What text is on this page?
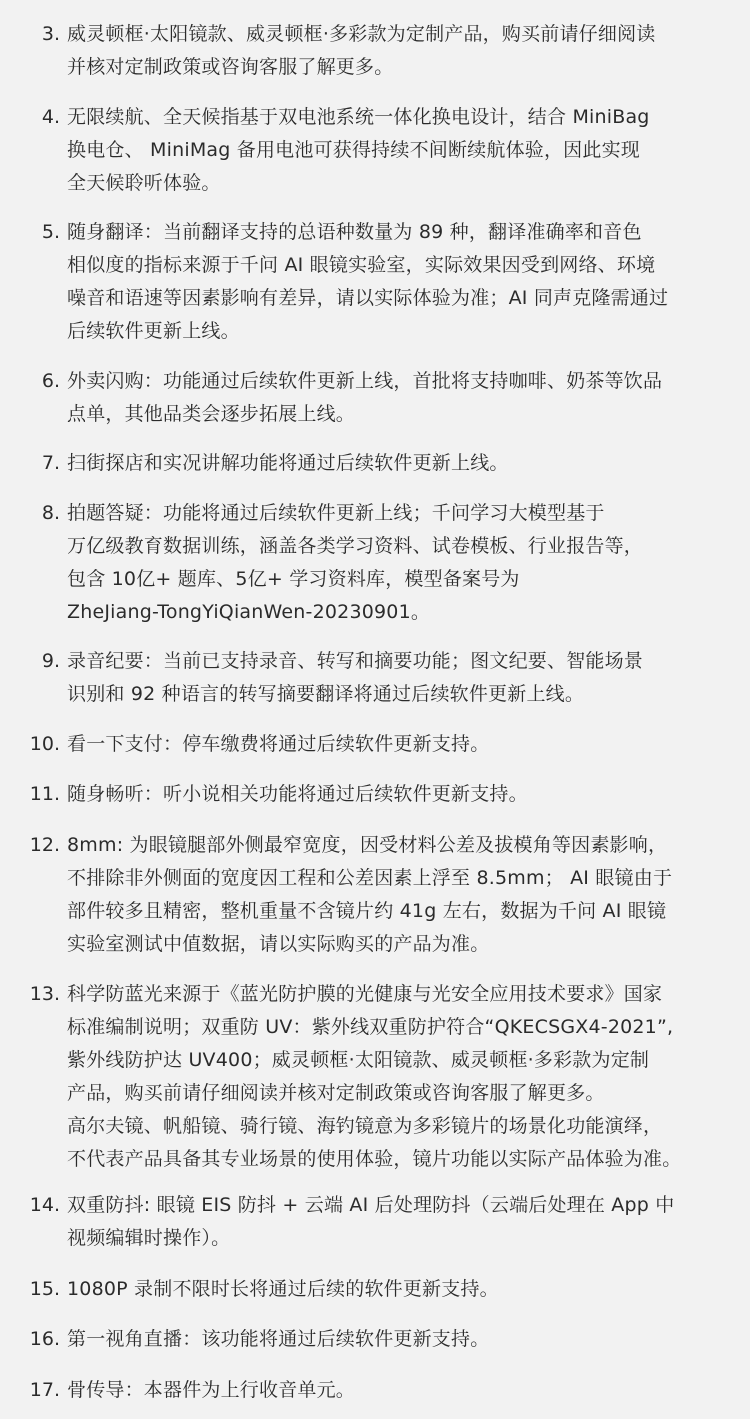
3. 威灵顿框·太阳镜款、威灵顿框·多彩款为定制产品，购买前请仔细阅读
并核对定制政策或咨询客服了解更多。
4. 无限续航、全天候指基于双电池系统一体化换电设计，结合 MiniBag
换电仓、 MiniMag 备用电池可获得持续不间断续航体验，因此实现
全天候聆听体验。
5. 随身翻译：当前翻译支持的总语种数量为 89 种，翻译准确率和音色
相似度的指标来源于千问 AI 眼镜实验室，实际效果因受到网络、环境
噪音和语速等因素影响有差异，请以实际体验为准；AI 同声克隆需通过
后续软件更新上线。
6. 外卖闪购：功能通过后续软件更新上线，首批将支持咖啡、奶茶等饮品
点单，其他品类会逐步拓展上线。
7. 扫街探店和实况讲解功能将通过后续软件更新上线。
8. 拍题答疑：功能将通过后续软件更新上线；千问学习大模型基于
万亿级教育数据训练，涵盖各类学习资料、试卷模板、行业报告等，
包含 10亿+ 题库、5亿+ 学习资料库，模型备案号为
ZheJiang-TongYiQianWen-20230901。
9. 录音纪要：当前已支持录音、转写和摘要功能；图文纪要、智能场景
识别和 92 种语言的转写摘要翻译将通过后续软件更新上线。
10. 看一下支付：停车缴费将通过后续软件更新支持。
11. 随身畅听：听小说相关功能将通过后续软件更新支持。
12. 8mm: 为眼镜腿部外侧最窄宽度，因受材料公差及拔模角等因素影响，
不排除非外侧面的宽度因工程和公差因素上浮至 8.5mm； AI 眼镜由于
部件较多且精密，整机重量不含镜片约 41g 左右，数据为千问 AI 眼镜
实验室测试中值数据，请以实际购买的产品为准。
13. 科学防蓝光来源于《蓝光防护膜的光健康与光安全应用技术要求》国家
标准编制说明；双重防 UV：紫外线双重防护符合“QKECSGX4-2021”,
紫外线防护达 UV400；威灵顿框·太阳镜款、威灵顿框·多彩款为定制
产品，购买前请仔细阅读并核对定制政策或咨询客服了解更多。
高尔夫镜、帆船镜、骑行镜、海钓镜意为多彩镜片的场景化功能演绎，
不代表产品具备其专业场景的使用体验，镜片功能以实际产品体验为准。
14. 双重防抖: 眼镜 EIS 防抖 + 云端 AI 后处理防抖（云端后处理在 App 中
视频编辑时操作）。
15. 1080P 录制不限时长将通过后续的软件更新支持。
16. 第一视角直播：该功能将通过后续软件更新支持。
17. 骨传导：本器件为上行收音单元。
